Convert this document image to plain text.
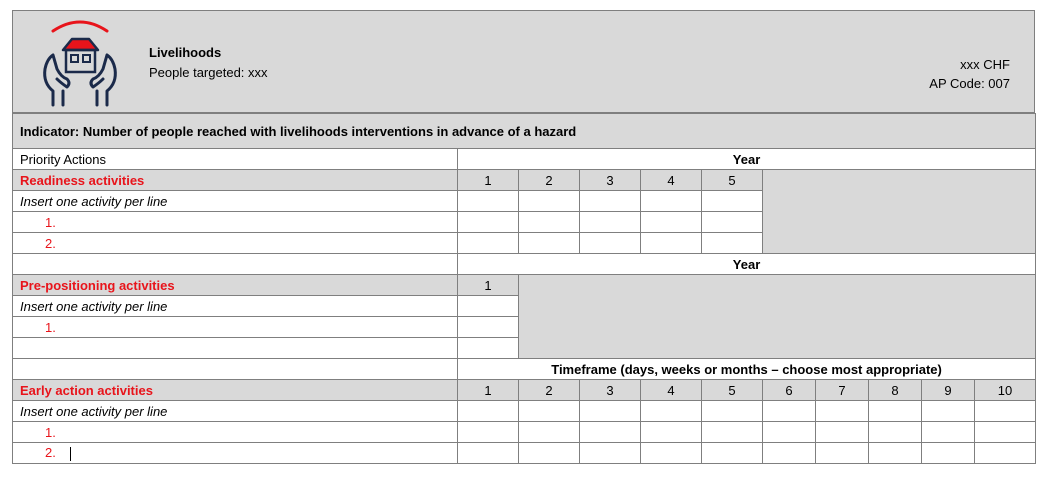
Livelihoods
People targeted: xxx
xxx CHF
AP Code: 007
Indicator: Number of people reached with livelihoods interventions in advance of a hazard										
Priority Actions	Year									
Readiness activities	1	2	3	4	5					
Insert one activity per line										
1.										
2.										
	Year									
Pre-positioning activities	1									
Insert one activity per line										
1.										

	Timeframe (days, weeks or months – choose most appropriate)									
Early action activities	1	2	3	4	5	6	7	8	9	10
Insert one activity per line										
1.										
2.										
